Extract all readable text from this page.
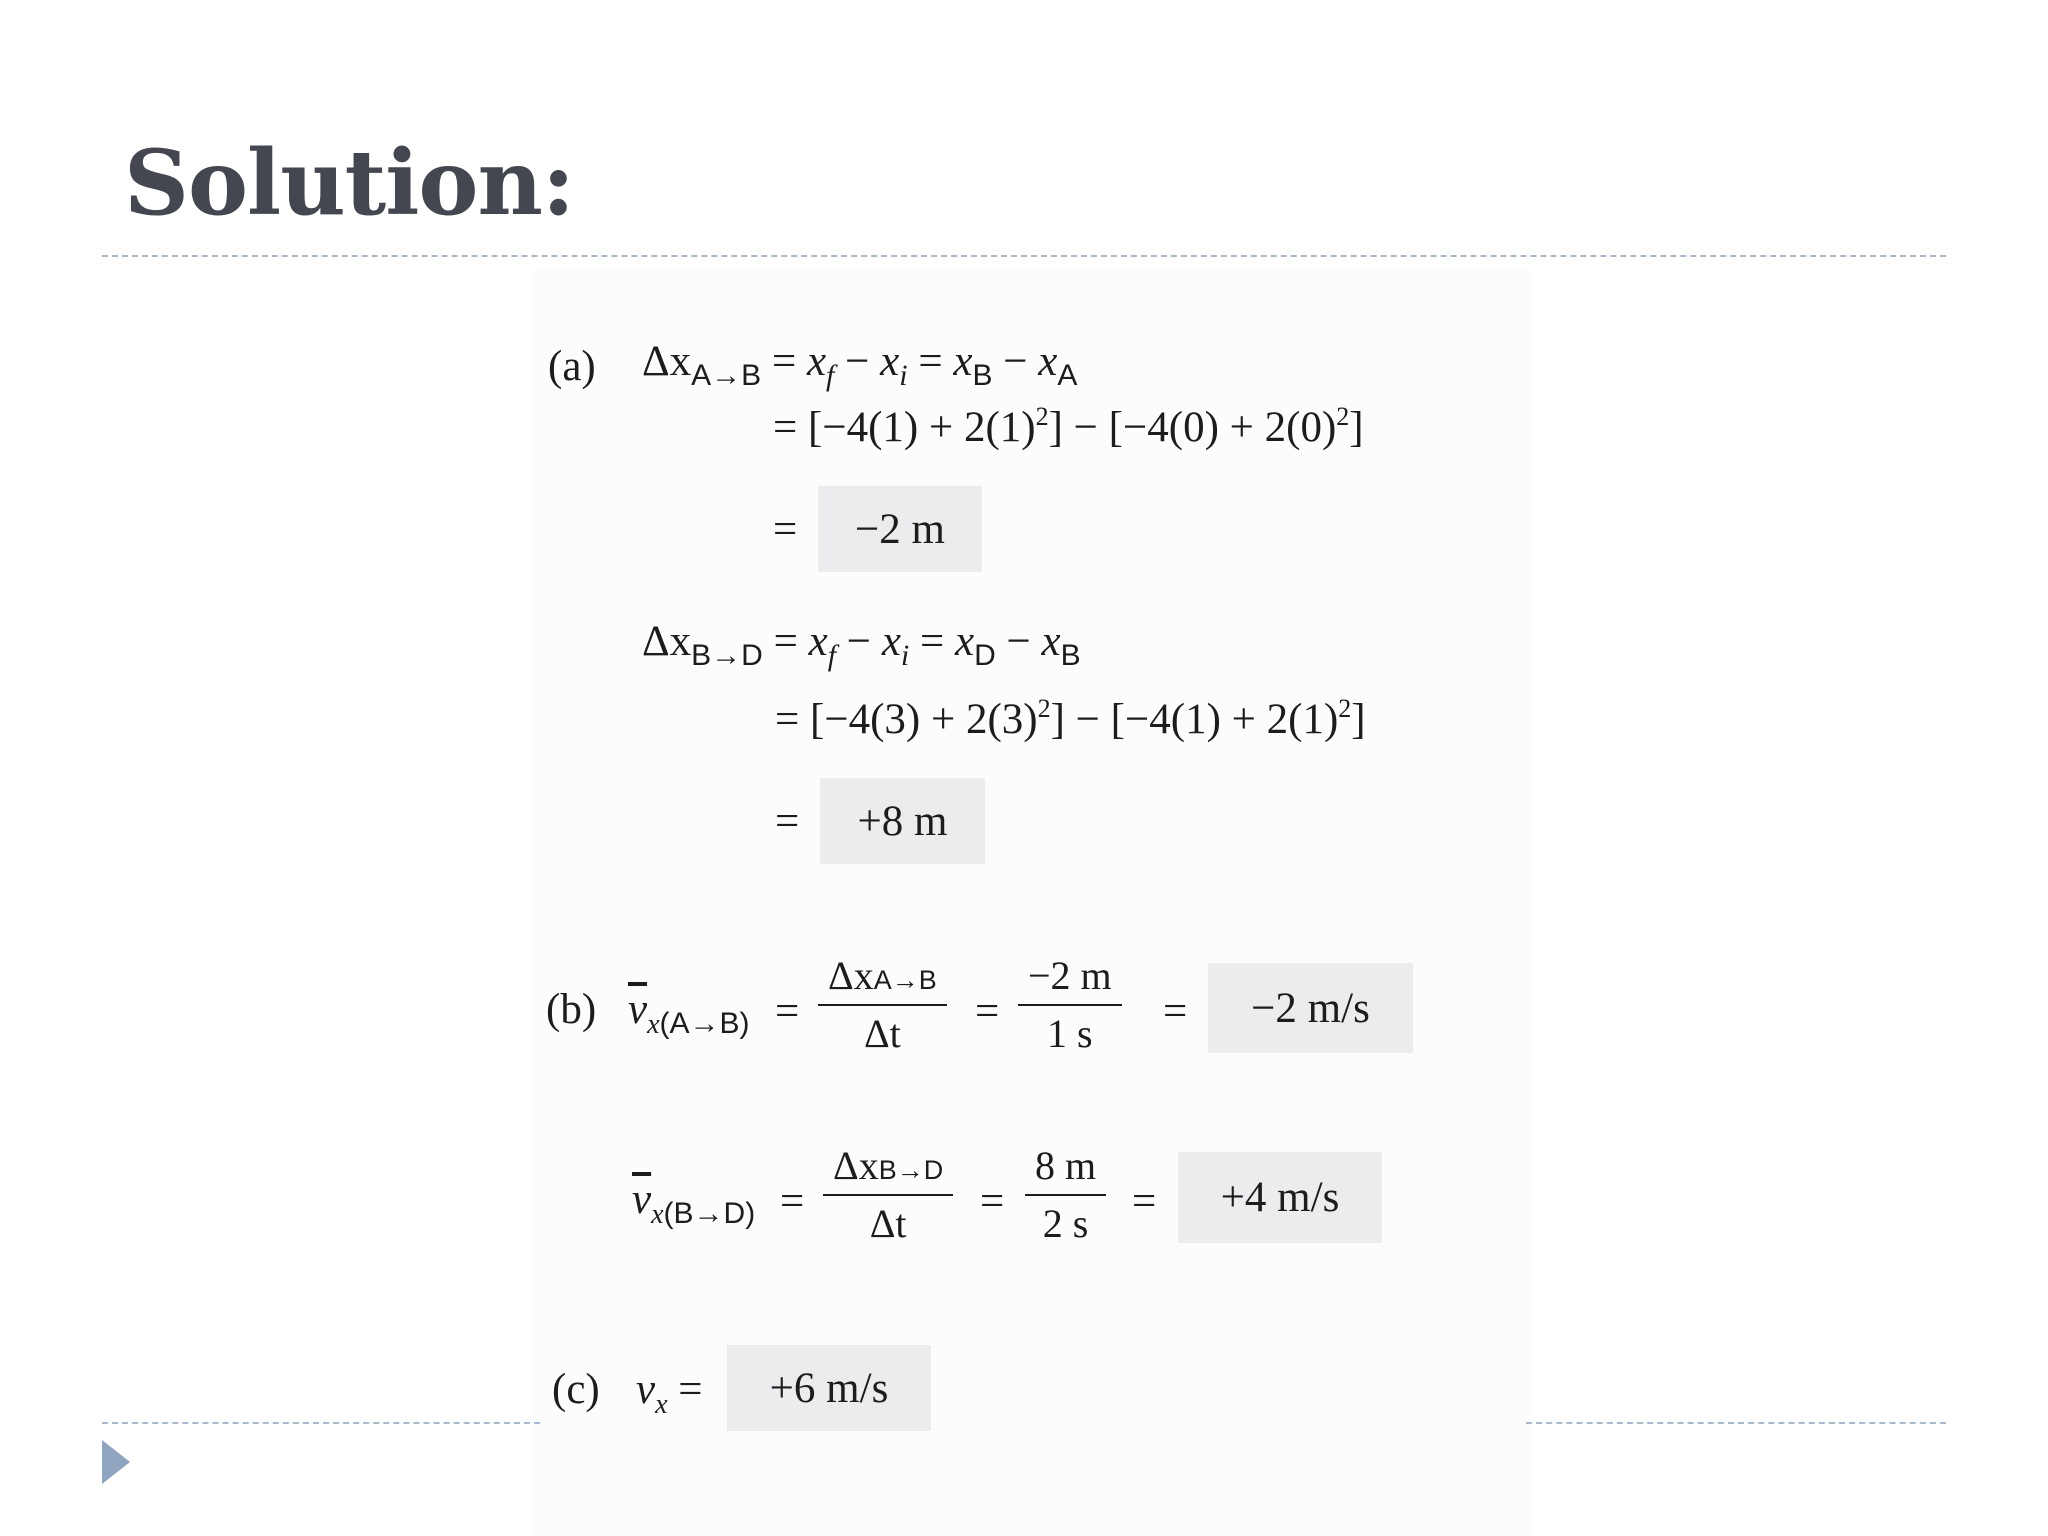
Solution:
(a) $\Delta x_{A\to B} = x_f - x_i = x_B - x_A$
= $[-4(1) + 2(1)^2] - [-4(0) + 2(0)^2]$
=	−2 m
$\Delta x_{B\to D} = x_f - x_i = x_D - x_B$
= $[-4(3) + 2(3)^2] - [-4(1) + 2(1)^2]$
=	+8 m
(b) $\overline{v}_{x(A\to B)}$ =
ΔxA→B
Δt =
−2 m
1 s =	−2 m/s
$\overline{v}_{x(B\to D)}$ =
ΔxB→D
Δt =
8 m
2 s =	+4 m/s
(c) $v_x$ =	+6 m/s
